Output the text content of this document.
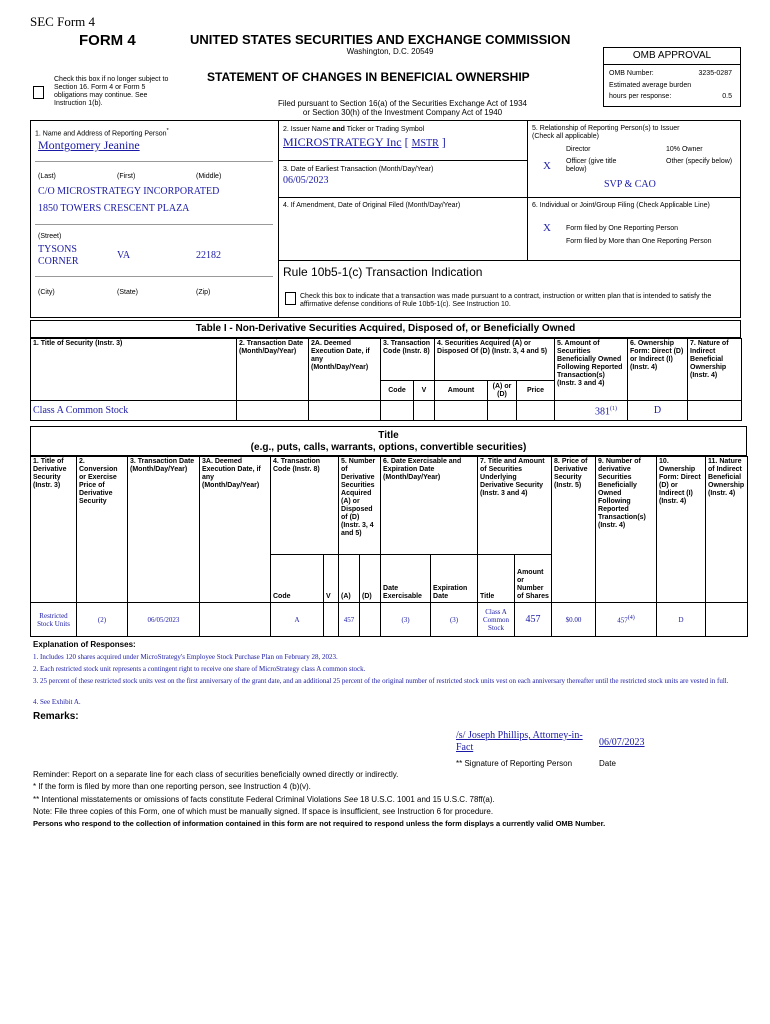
SEC Form 4
FORM 4	UNITED STATES SECURITIES AND EXCHANGE COMMISSION
Washington, D.C. 20549
Check this box if no longer subject to Section 16. Form 4 or Form 5 obligations may continue. See Instruction 1(b).
STATEMENT OF CHANGES IN BENEFICIAL OWNERSHIP
Filed pursuant to Section 16(a) of the Securities Exchange Act of 1934
or Section 30(h) of the Investment Company Act of 1940
OMB APPROVAL
OMB Number:	3235-0287
Estimated average burden
hours per response:	0.5
1. Name and Address of Reporting Person*
Montgomery Jeanine
(Last)	(First)	(Middle)
C/O MICROSTRATEGY INCORPORATED
1850 TOWERS CRESCENT PLAZA
(Street)
TYSONS CORNER
VA	22182
(City)	(State)	(Zip)
2. Issuer Name and Ticker or Trading Symbol
MICROSTRATEGY Inc [ MSTR ]
3. Date of Earliest Transaction (Month/Day/Year)
06/05/2023
4. If Amendment, Date of Original Filed (Month/Day/Year)
5. Relationship of Reporting Person(s) to Issuer
(Check all applicable)
Director	10% Owner
X Officer (give title below)
Other (specify below)
SVP & CAO
6. Individual or Joint/Group Filing (Check Applicable Line)
X Form filed by One Reporting Person
Form filed by More than One Reporting Person
Rule 10b5-1(c) Transaction Indication
Check this box to indicate that a transaction was made pursuant to a contract, instruction or written plan that is intended to satisfy the affirmative defense conditions of Rule 10b5-1(c). See Instruction 10.
Table I - Non-Derivative Securities Acquired, Disposed of, or Beneficially Owned
1. Title of Security (Instr. 3)	2. Transaction Date (Month/Day/Year)	2A. Deemed Execution Date, if any (Month/Day/Year)	3. Transaction Code (Instr. 8)		4. Securities Acquired (A) or Disposed Of (D) (Instr. 3, 4 and 5)			5. Amount of Securities Beneficially Owned Following Reported Transaction(s) (Instr. 3 and 4)	6. Ownership Form: Direct (D) or Indirect (I) (Instr. 4)	7. Nature of Indirect Beneficial Ownership (Instr. 4)
			Code	V	Amount	(A) or (D)	Price			
Class A Common Stock								381$^{(1)}$	D	
Title
(e.g., puts, calls, warrants, options, convertible securities)
1. Title of Derivative Security (Instr. 3)	2. Conversion or Exercise Price of Derivative Security	3. Transaction Date (Month/Day/Year)	3A. Deemed Execution Date, if any (Month/Day/Year)	4. Transaction Code (Instr. 8)		5. Number of Derivative Securities Acquired (A) or Disposed of (D) (Instr. 3, 4 and 5)		6. Date Exercisable and Expiration Date (Month/Day/Year)		7. Title and Amount of Securities Underlying Derivative Security (Instr. 3 and 4)		8. Price of Derivative Security (Instr. 5)	9. Number of derivative Securities Beneficially Owned Following Reported Transaction(s) (Instr. 4)	10. Ownership Form: Direct (D) or Indirect (I) (Instr. 4)	11. Nature of Indirect Beneficial Ownership (Instr. 4)
				Code	V	(A)	(D)	Date Exercisable	Expiration Date	Title	Amount or Number of Shares				
Restricted Stock Units	(2)	06/05/2023		A		457		(3)	(3)	Class A Common Stock	457	$0.00	457$^{(4)}$	D	
Explanation of Responses:
1. Includes 120 shares acquired under MicroStrategy's Employee Stock Purchase Plan on February 28, 2023.
2. Each restricted stock unit represents a contingent right to receive one share of MicroStrategy class A common stock.
3. 25 percent of these restricted stock units vest on the first anniversary of the grant date, and an additional 25 percent of the original number of restricted stock units vest on each anniversary thereafter until the restricted stock units are vested in full.
4. See Exhibit A.
Remarks:
/s/ Joseph Phillips, Attorney-in-Fact	06/07/2023
** Signature of Reporting Person	Date
Reminder: Report on a separate line for each class of securities beneficially owned directly or indirectly.
* If the form is filed by more than one reporting person, see Instruction 4 (b)(v).
** Intentional misstatements or omissions of facts constitute Federal Criminal Violations See 18 U.S.C. 1001 and 15 U.S.C. 78ff(a).
Note: File three copies of this Form, one of which must be manually signed. If space is insufficient, see Instruction 6 for procedure.
Persons who respond to the collection of information contained in this form are not required to respond unless the form displays a currently valid OMB Number.
